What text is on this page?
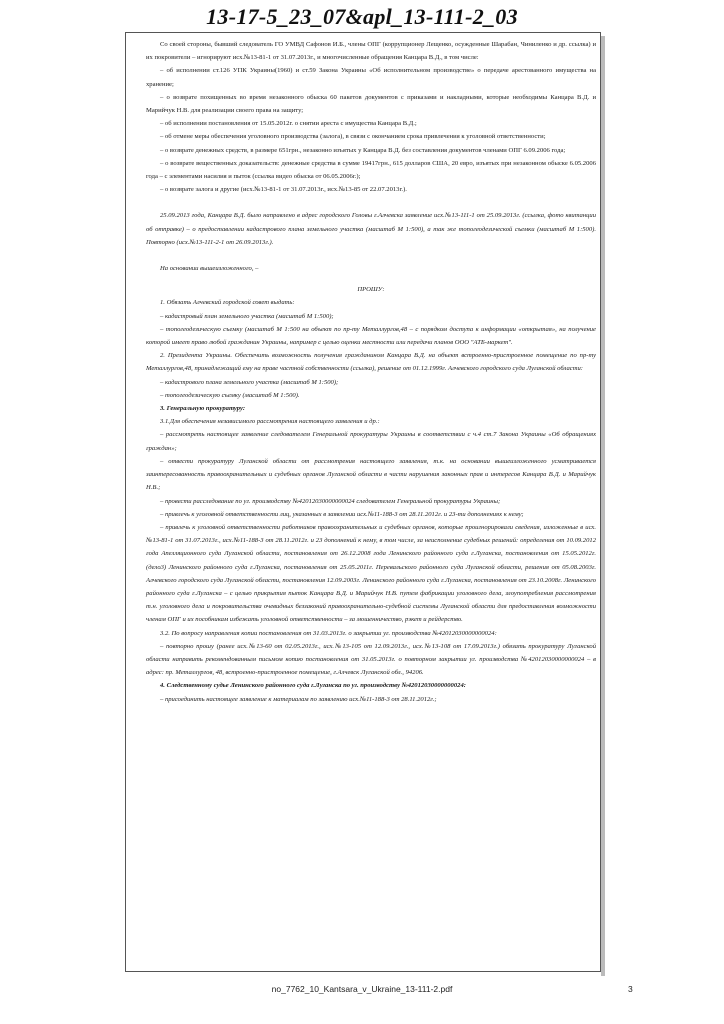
13-17-5_23_07&apl_13-111-2_03

Со своей стороны, бывший следователь ГО УМВД Сафонов И.Б., члены ОПГ (коррупционер Лещенко, осужденные Шарабан, Чиниленко и др. ссылка) и их покровители – игнорируют исх.№13-81-1 от 31.07.2013г., и многочисленные обращения Канцара В.Д., в том числе:

– об исполнении ст.126 УПК Украины(1960) и ст.59 Закона Украины «Об исполнительном производстве» о передаче арестованного имущества на хранение;

– о возврате похищенных во время незаконного обыска 60 пакетов документов с приказами и накладными, которые необходимы Канцара В.Д. и Марийчук Н.В. для реализации своего права на защиту;

– об исполнении постановления от 15.05.2012г. о снятии ареста с имущества Канцара В.Д.;

– об отмене меры обеспечения уголовного производства (залога), в связи с окончанием срока привлечения к уголовной ответственности;

– о возврате денежных средств, в размере 651грн., незаконно изъятых у Канцара В.Д. без составления документов членами ОПГ 6.09.2006 года;

– о возврате вещественных доказательств: денежные средства в сумме 19417грн., 615 долларов США, 20 евро, изъятых при незаконном обыске 6.05.2006 года – с элементами насилия и пыток (ссылка видео обыска от 06.05.2006г.);

– о возврате залога и другие (исх.№13-81-1 от 31.07.2013г., исх.№13-85 от 22.07.2013г.).

25.09.2013 года, Канцара В.Д. было направлено в адрес городского Головы г.Алчевска заявление исх.№13-111-1 от 25.09.2013г. (ссылка, фото квитанции об отправке) – о предоставлении кадастрового плана земельного участка (масштаб М 1:500), а так же топогеодезической съемки (масштаб М 1:500). Повторно (исх.№13-111-2-1 от 26.09.2013г.).

На основании вышеизложенного, –

ПРОШУ:

1. Обязать Алчевский городской совет выдать:

– кадастровый план земельного участка (масштаб М 1:500);

– топогеодезическую съемку (масштаб М 1:500 на объект по пр-ту Металлургов,48 – с порядком доступа к информации «открытая», на получение которой имеет право любой гражданин Украины, например с целью оценки местности или передачи планов ООО "АТБ-маркет".

2. Президента Украины. Обеспечить возможность получения гражданином Канцара В.Д. на объект встроенно-пристроенное помещение по пр-ту Металлургов,48, принадлежащий ему на праве частной собственности (ссылка), решение от 01.12.1999г. Алчевского городского суда Луганской области:

– кадастрового плана земельного участка (масштаб М 1:500);

– топогеодезическую съемку (масштаб М 1:500).

3. Генеральную прокуратуру:

3.1.Для обеспечения независимого рассмотрения настоящего заявления и др.:

– рассмотреть настоящее заявление следователем Генеральной прокуратуры Украины в соответствии с ч.4 ст.7 Закона Украины «Об обращениях граждан»;

– отвести прокуратуру Луганской области от рассмотрения настоящего заявления, т.к. на основании вышеизложенного усматривается заинтересованность правоохранительных и судебных органов Луганской области в части нарушения законных прав и интересов Канцара В.Д. и Марийчук Н.В.;

– провести расследование по уг. производству №42012030000000024 следователем Генеральной прокуратуры Украины;

– привлечь к уголовной ответственности лиц, указанных в заявлении исх.№11-188-3 от 28.11.2012г. и 23-ти дополнениях к нему;

– привлечь к уголовной ответственности работников правоохранительных и судебных органов, которые проигнорировали сведения, изложенные в исх.№13-81-1 от 31.07.2013г., исх.№11-188-3 от 28.11.2012г. и 23 дополнений к нему, в том числе, за неисполнение судебных решений: определения от 10.09.2012 года Апелляционного суда Луганской области, постановления от 26.12.2008 года Ленинского районного суда г.Луганска, постановления от 15.05.2012г. (дело3) Ленинского районного суда г.Луганска, постановления от 25.05.2011г. Перевальского районного суда Луганской области, решения от 05.08.2003г. Алчевского городского суда Луганской области, постановления 12.09.2003г. Ленинского районного суда г.Луганска, постановления от 23.10.2008г. Ленинского районного суда г.Луганска – с целью прикрытия пыток Канцара В.Д. и Марийчук Н.В. путем фабрикации уголовного дела, злоупотребления рассмотрения т.н. уголовного дела и покровительства очевидных беззаконий правоохранительно-судебной системы Луганской области для предоставления возможности членам ОПГ и их пособникам избежать уголовной ответственности – за мошенничество, рэкет и рейдерство.

3.2. По вопросу направления копии постановления от 31.03.2013г. о закрытии уг. производства №42012030000000024:

– повторно прошу (ранее исх.№13-60 от 02.05.2013г., исх.№13-105 от 12.09.2013г., исх.№13-108 от 17.09.2013г.) обязать прокуратуру Луганской области направить рекомендованным письмом копию постановления от 31.05.2013г. о повторном закрытии уг. производства №42012030000000024 – в адрес: пр. Металлургов, 48, встроенно-пристроенное помещение, г.Алчевск Луганской обл., 94206.

4. Следственному судье Ленинского районного суда г.Луганска по уг. производству №42012030000000024:

– присоединить настоящее заявление к материалам по заявлению исх.№11-188-3 от 28.11.2012г.;

no_7762_10_Kantsara_v_Ukraine_13-111-2.pdf	3
